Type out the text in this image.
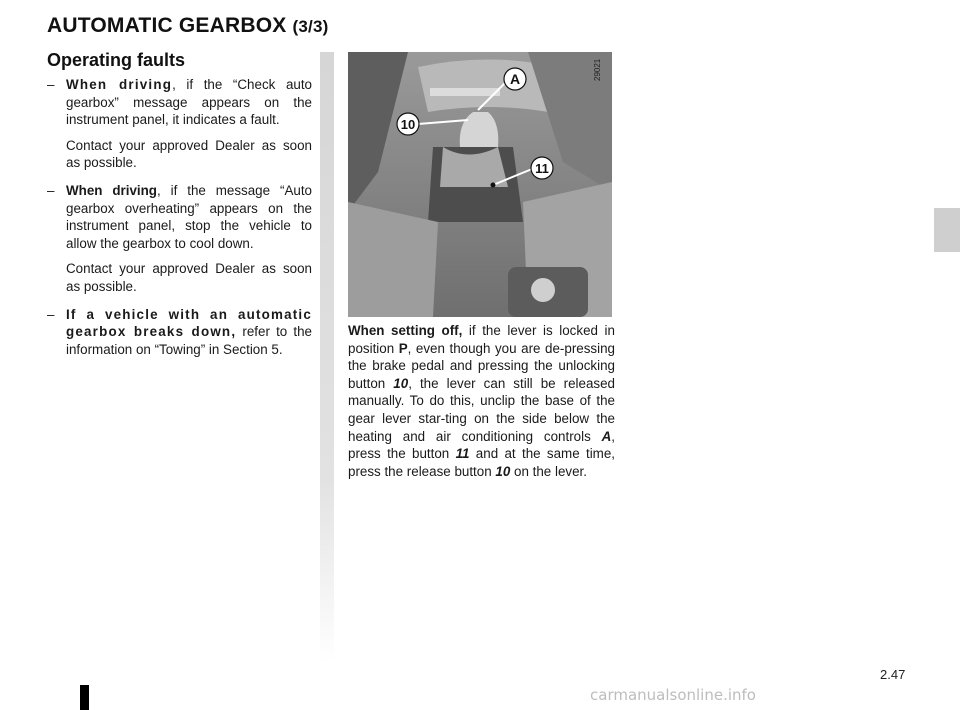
AUTOMATIC GEARBOX (3/3)
Operating faults
– When driving, if the “Check auto gearbox” message appears on the instrument panel, it indicates a fault.

Contact your approved Dealer as soon as possible.

– When driving, if the message “Auto gearbox overheating” appears on the instrument panel, stop the vehicle to allow the gearbox to cool down.

Contact your approved Dealer as soon as possible.

– If a vehicle with an automatic gearbox breaks down, refer to the information on “Towing” in Section 5.

A
10
11
29021
When setting off, if the lever is locked in position P, even though you are de-pressing the brake pedal and pressing the unlocking button 10, the lever can still be released manually. To do this, unclip the base of the gear lever star-ting on the side below the heating and air conditioning controls A, press the button 11 and at the same time, press the release button 10 on the lever.
2.47
carmanualsonline.info
